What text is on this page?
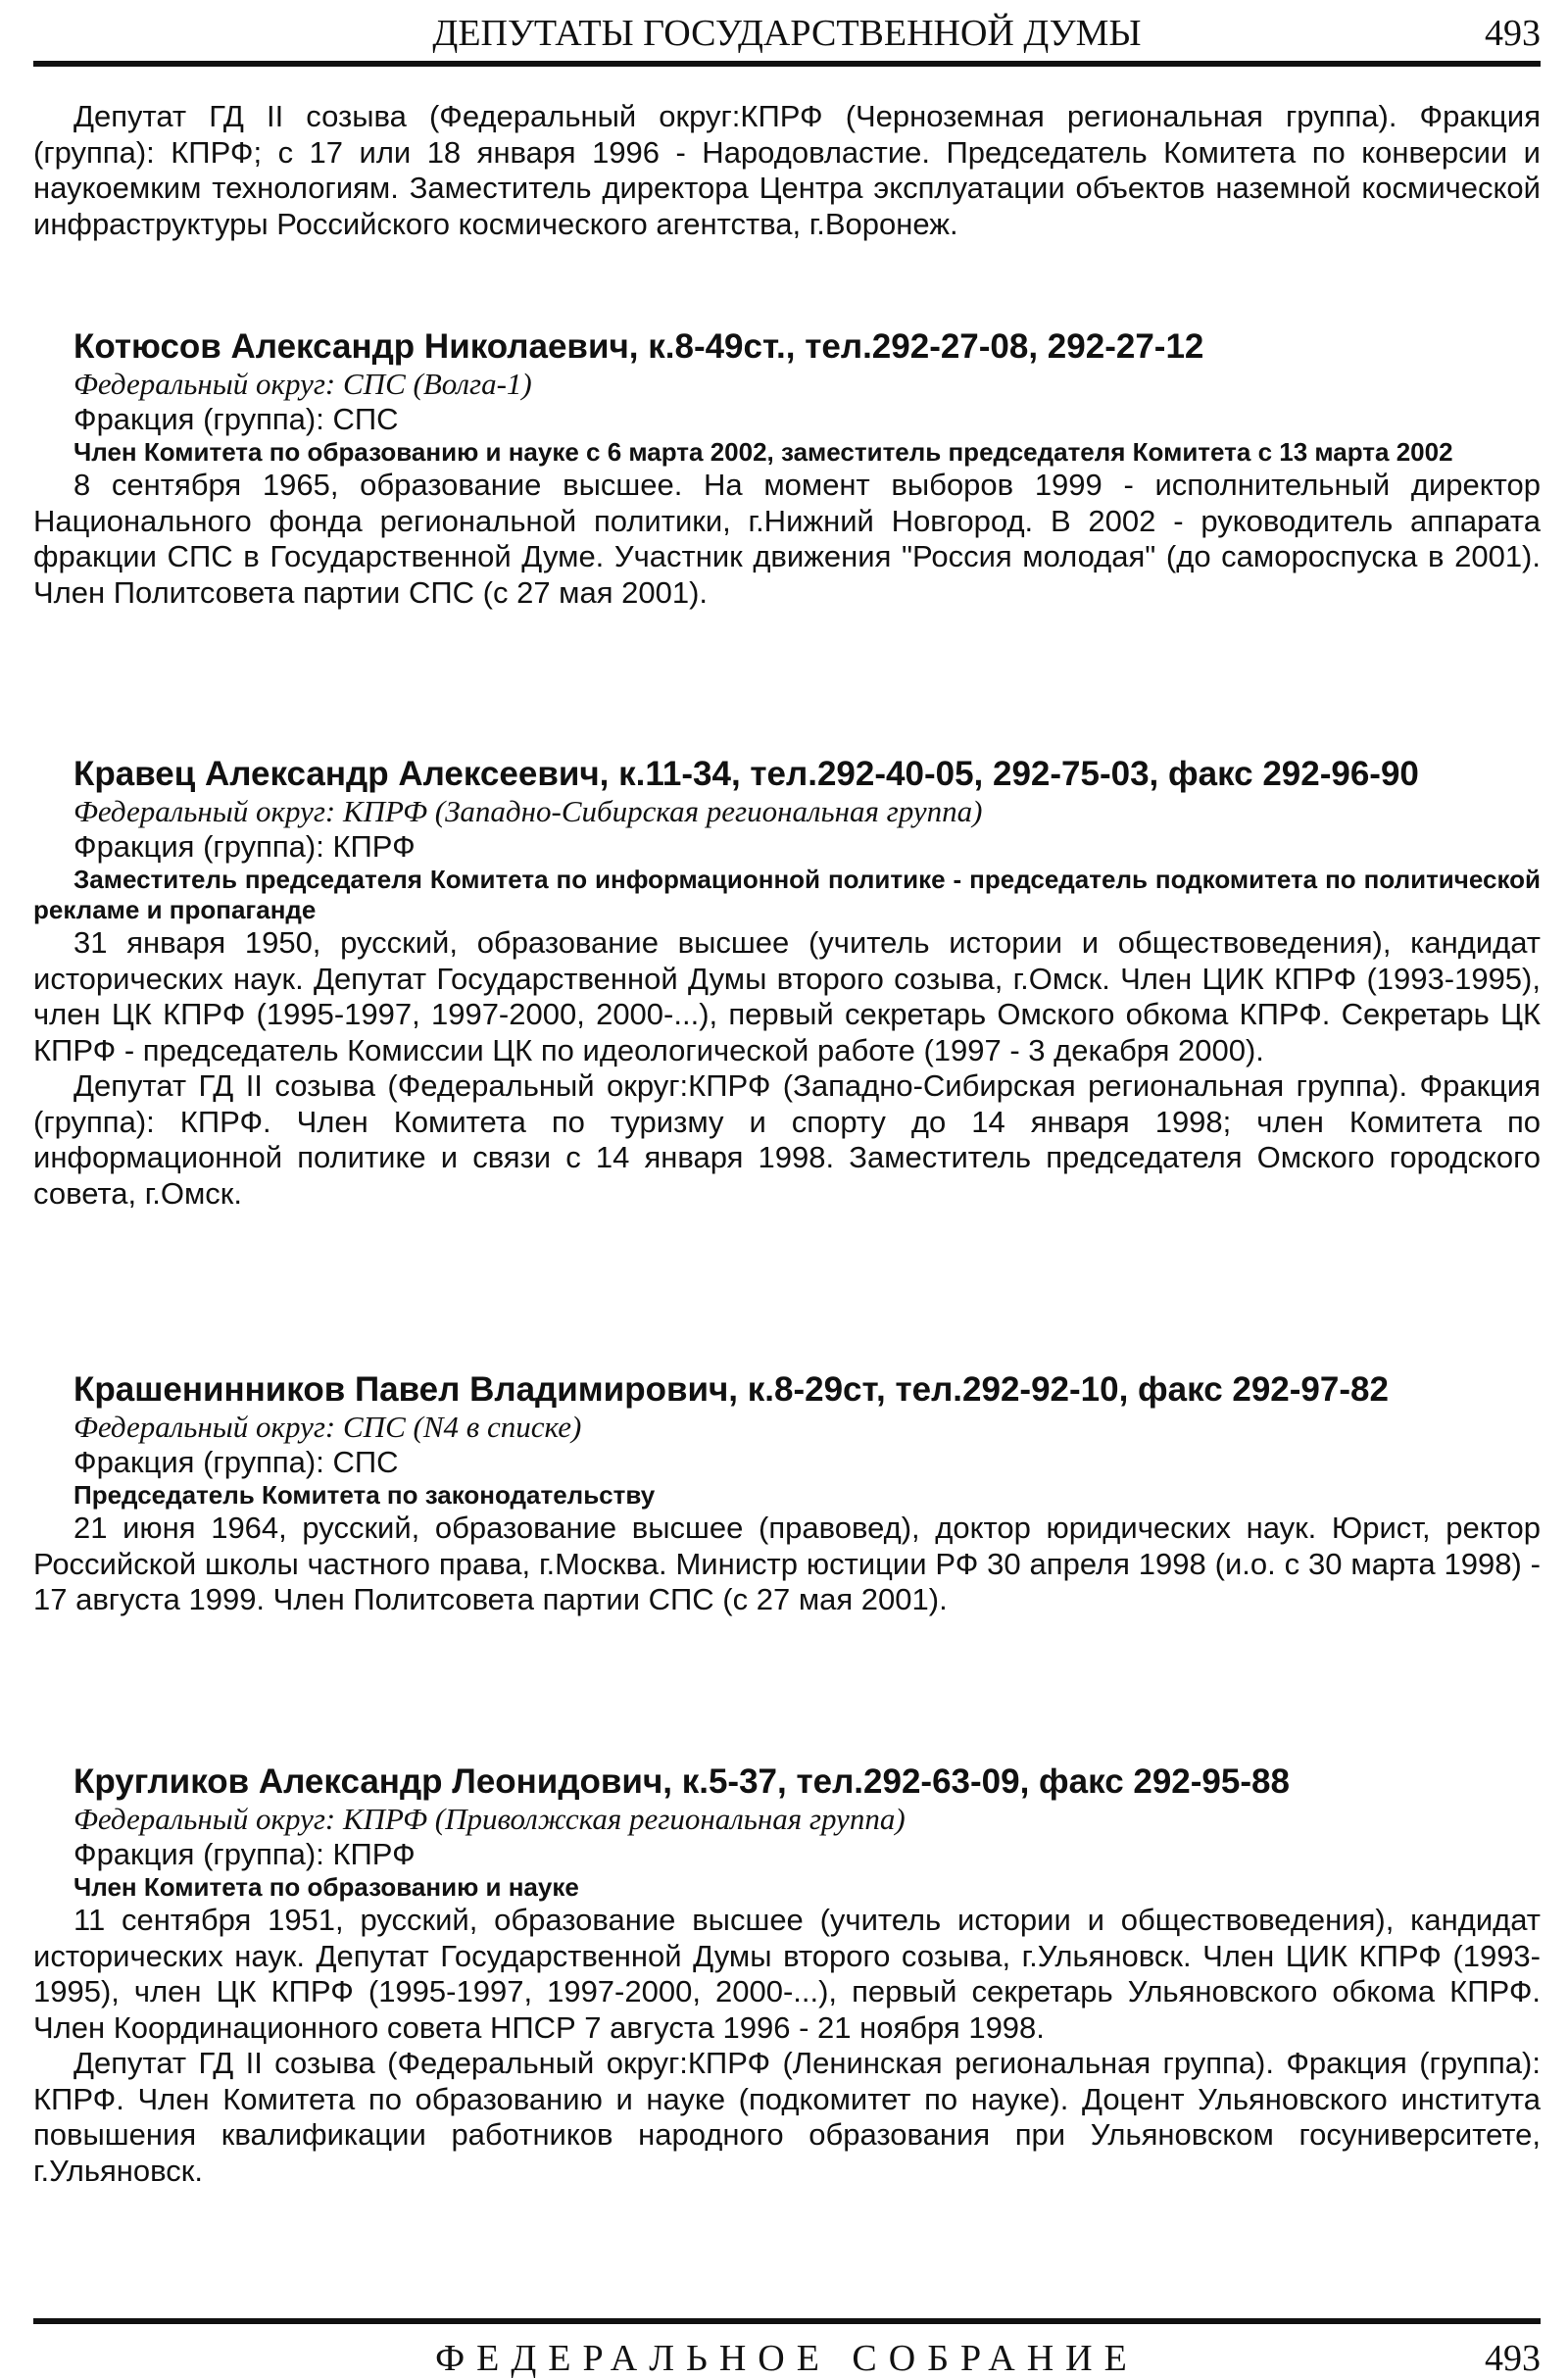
ДЕПУТАТЫ ГОСУДАРСТВЕННОЙ ДУМЫ	493

Депутат ГД II созыва (Федеральный округ:КПРФ (Черноземная региональная группа). Фракция (группа): КПРФ; с 17 или 18 января 1996 - Народовластие. Председатель Комитета по конверсии и наукоемким технологиям. Заместитель директора Центра эксплуатации объектов наземной космической инфраструктуры Российского космического агентства, г.Воронеж.

Котюсов Александр Николаевич, к.8-49ст., тел.292-27-08, 292-27-12

Федеральный округ: СПС (Волга-1)

Фракция (группа): СПС

Член Комитета по образованию и науке с 6 марта 2002, заместитель председателя Комитета с 13 марта 2002

8 сентября 1965, образование высшее. На момент выборов 1999 - исполнительный директор Национального фонда региональной политики, г.Нижний Новгород. В 2002 - руководитель аппарата фракции СПС в Государственной Думе. Участник движения "Россия молодая" (до самороспуска в 2001). Член Политсовета партии СПС (с 27 мая 2001).

Кравец Александр Алексеевич, к.11-34, тел.292-40-05, 292-75-03, факс 292-96-90

Федеральный округ: КПРФ (Западно-Сибирская региональная группа)

Фракция (группа): КПРФ

Заместитель председателя Комитета по информационной политике - председатель подкомитета по политической рекламе и пропаганде

31 января 1950, русский, образование высшее (учитель истории и обществоведения), кандидат исторических наук. Депутат Государственной Думы второго созыва, г.Омск. Член ЦИК КПРФ (1993-1995), член ЦК КПРФ (1995-1997, 1997-2000, 2000-...), первый секретарь Омского обкома КПРФ. Секретарь ЦК КПРФ - председатель Комиссии ЦК по идеологической работе (1997 - 3 декабря 2000).

Депутат ГД II созыва (Федеральный округ:КПРФ (Западно-Сибирская региональная группа). Фракция (группа): КПРФ. Член Комитета по туризму и спорту до 14 января 1998; член Комитета по информационной политике и связи с 14 января 1998. Заместитель председателя Омского городского совета, г.Омск.

Крашенинников Павел Владимирович, к.8-29ст, тел.292-92-10, факс 292-97-82

Федеральный округ: СПС (N4 в списке)

Фракция (группа): СПС

Председатель Комитета по законодательству

21 июня 1964, русский, образование высшее (правовед), доктор юридических наук. Юрист, ректор Российской школы частного права, г.Москва. Министр юстиции РФ 30 апреля 1998 (и.о. с 30 марта 1998) - 17 августа 1999. Член Политсовета партии СПС (с 27 мая 2001).

Кругликов Александр Леонидович, к.5-37, тел.292-63-09, факс 292-95-88

Федеральный округ: КПРФ (Приволжская региональная группа)

Фракция (группа): КПРФ

Член Комитета по образованию и науке

11 сентября 1951, русский, образование высшее (учитель истории и обществоведения), кандидат исторических наук. Депутат Государственной Думы второго созыва, г.Ульяновск. Член ЦИК КПРФ (1993-1995), член ЦК КПРФ (1995-1997, 1997-2000, 2000-...), первый секретарь Ульяновского обкома КПРФ. Член Координационного совета НПСР 7 августа 1996 - 21 ноября 1998.

Депутат ГД II созыва (Федеральный округ:КПРФ (Ленинская региональная группа). Фракция (группа): КПРФ. Член Комитета по образованию и науке (подкомитет по науке). Доцент Ульяновского института повышения квалификации работников народного образования при Ульяновском госуниверситете, г.Ульяновск.

ФЕДЕРАЛЬНОЕ СОБРАНИЕ	493
